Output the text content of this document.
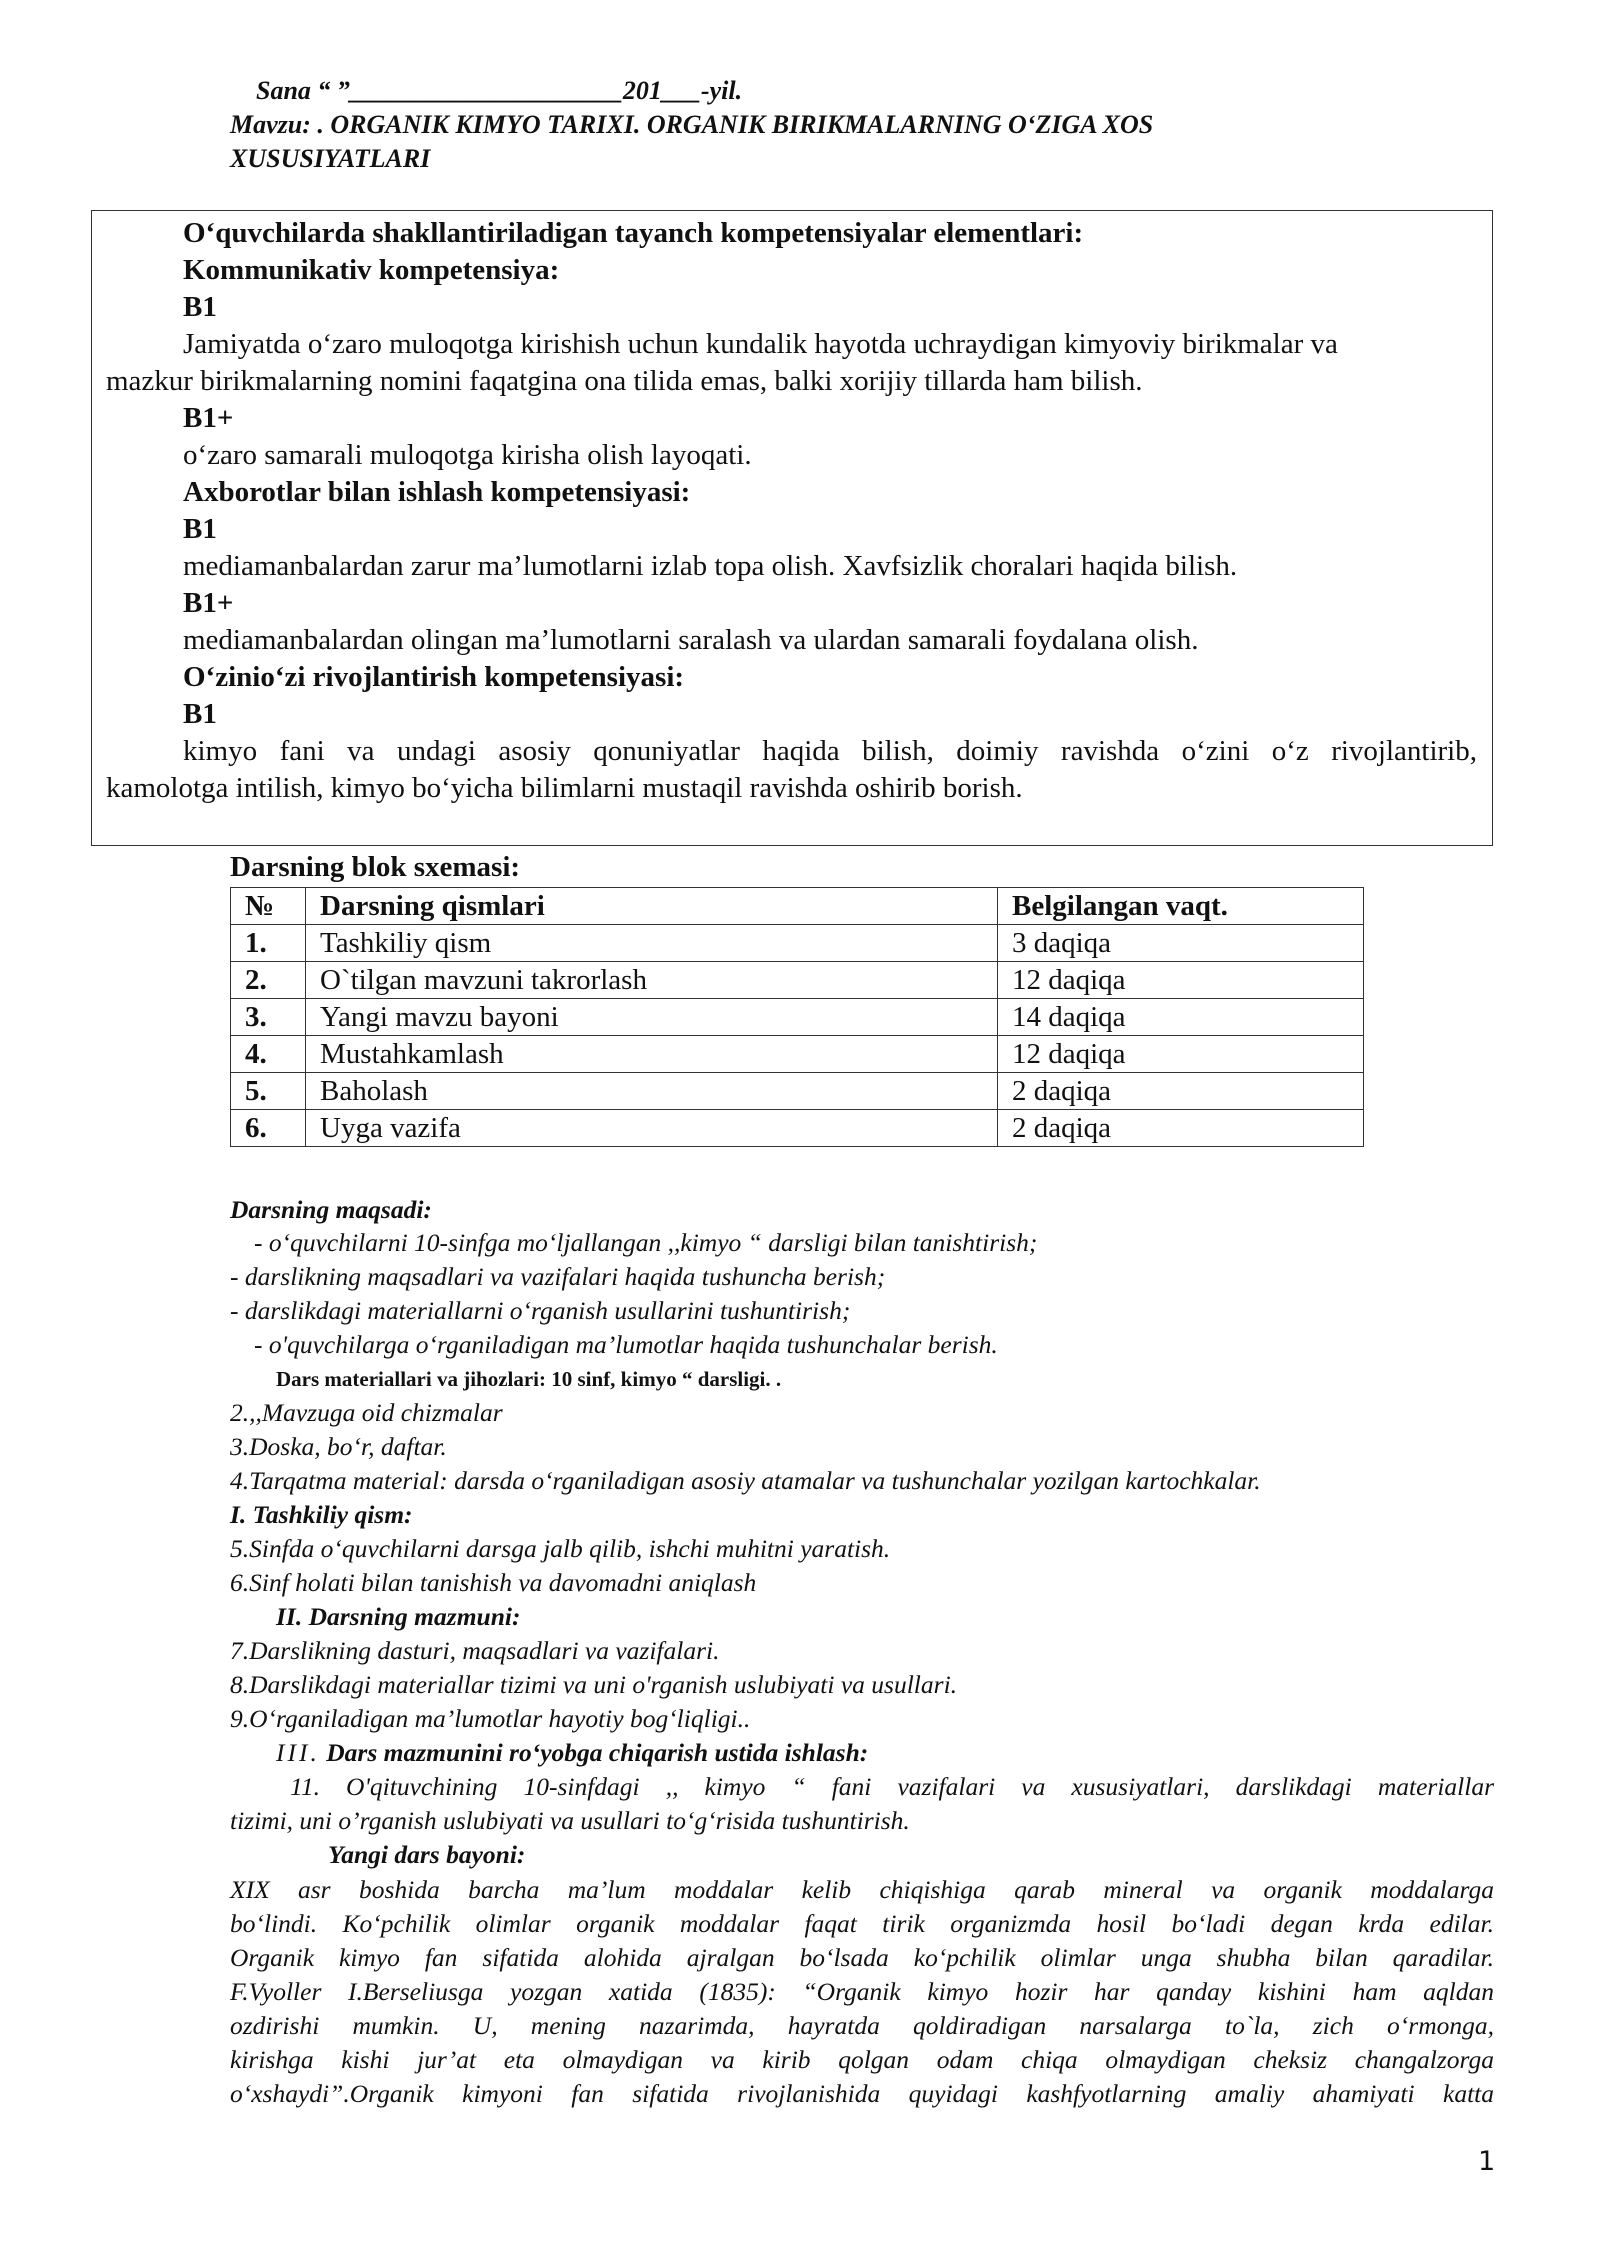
Sana “ ”_____________________201___-yil.
Mavzu: . ORGANIK KIMYO TARIXI. ORGANIK BIRIKMALARNING O‘ZIGA XOS
XUSUSIYATLARI
O‘quvchilarda shakllantiriladigan tayanch kompetensiyalar elementlari:
Kommunikativ kompetensiya:
B1
Jamiyatda o‘zaro muloqotga kirishish uchun kundalik hayotda uchraydigan kimyoviy birikmalar va
mazkur birikmalarning nomini faqatgina ona tilida emas, balki xorijiy tillarda ham bilish.
B1+
o‘zaro samarali muloqotga kirisha olish layoqati.
Axborotlar bilan ishlash kompetensiyasi:
B1
mediamanbalardan zarur ma’lumotlarni izlab topa olish. Xavfsizlik choralari haqida bilish.
B1+
mediamanbalardan olingan ma’lumotlarni saralash va ulardan samarali foydalana olish.
O‘zinio‘zi rivojlantirish kompetensiyasi:
B1
kimyo fani va undagi asosiy qonuniyatlar haqida bilish, doimiy ravishda o‘zini o‘z rivojlantirib,
kamolotga intilish, kimyo bo‘yicha bilimlarni mustaqil ravishda oshirib borish.
Darsning blok sxemasi:
№	Darsning qismlari	Belgilangan vaqt.
1.	Tashkiliy qism	3 daqiqa
2.	O`tilgan mavzuni takrorlash	12 daqiqa
3.	Yangi mavzu bayoni	14 daqiqa
4.	Mustahkamlash	12 daqiqa
5.	Baholash	2 daqiqa
6.	Uyga vazifa	2 daqiqa
Darsning maqsadi:
- o‘quvchilarni 10-sinfga mo‘ljallangan ,,kimyo “ darsligi bilan tanishtirish;
- darslikning maqsadlari va vazifalari haqida tushuncha berish;
- darslikdagi materiallarni o‘rganish usullarini tushuntirish;
- o'quvchilarga o‘rganiladigan ma’lumotlar haqida tushunchalar berish.
Dars materiallari va jihozlari: 10 sinf, kimyo “ darsligi. .
2.,,Mavzuga oid chizmalar
3.Doska, bo‘r, daftar.
4.Tarqatma material: darsda o‘rganiladigan asosiy atamalar va tushunchalar yozilgan kartochkalar.
I. Tashkiliy qism:
5.Sinfda o‘quvchilarni darsga jalb qilib, ishchi muhitni yaratish.
6.Sinf holati bilan tanishish va davomadni aniqlash
II. Darsning mazmuni:
7.Darslikning dasturi, maqsadlari va vazifalari.
8.Darslikdagi materiallar tizimi va uni o'rganish uslubiyati va usullari.
9.O‘rganiladigan ma’lumotlar hayotiy bog‘liqligi..
III. Dars mazmunini ro‘yobga chiqarish ustida ishlash:
11. O'qituvchining 10-sinfdagi ,, kimyo “ fani vazifalari va xususiyatlari, darslikdagi materiallar
tizimi, uni o’rganish uslubiyati va usullari to‘g‘risida tushuntirish.
Yangi dars bayoni:
XIX asr boshida barcha ma’lum moddalar kelib chiqishiga qarab mineral va organik moddalarga
bo‘lindi. Ko‘pchilik olimlar organik moddalar faqat tirik organizmda hosil bo‘ladi degan krda edilar.
Organik kimyo fan sifatida alohida ajralgan bo‘lsada ko‘pchilik olimlar unga shubha bilan qaradilar.
F.Vyoller I.Berseliusga yozgan xatida (1835): “Organik kimyo hozir har qanday kishini ham aqldan
ozdirishi mumkin. U, mening nazarimda, hayratda qoldiradigan narsalarga to`la, zich o‘rmonga,
kirishga kishi jur’at eta olmaydigan va kirib qolgan odam chiqa olmaydigan cheksiz changalzorga
o‘xshaydi”.Organik kimyoni fan sifatida rivojlanishida quyidagi kashfyotlarning amaliy ahamiyati katta
1
